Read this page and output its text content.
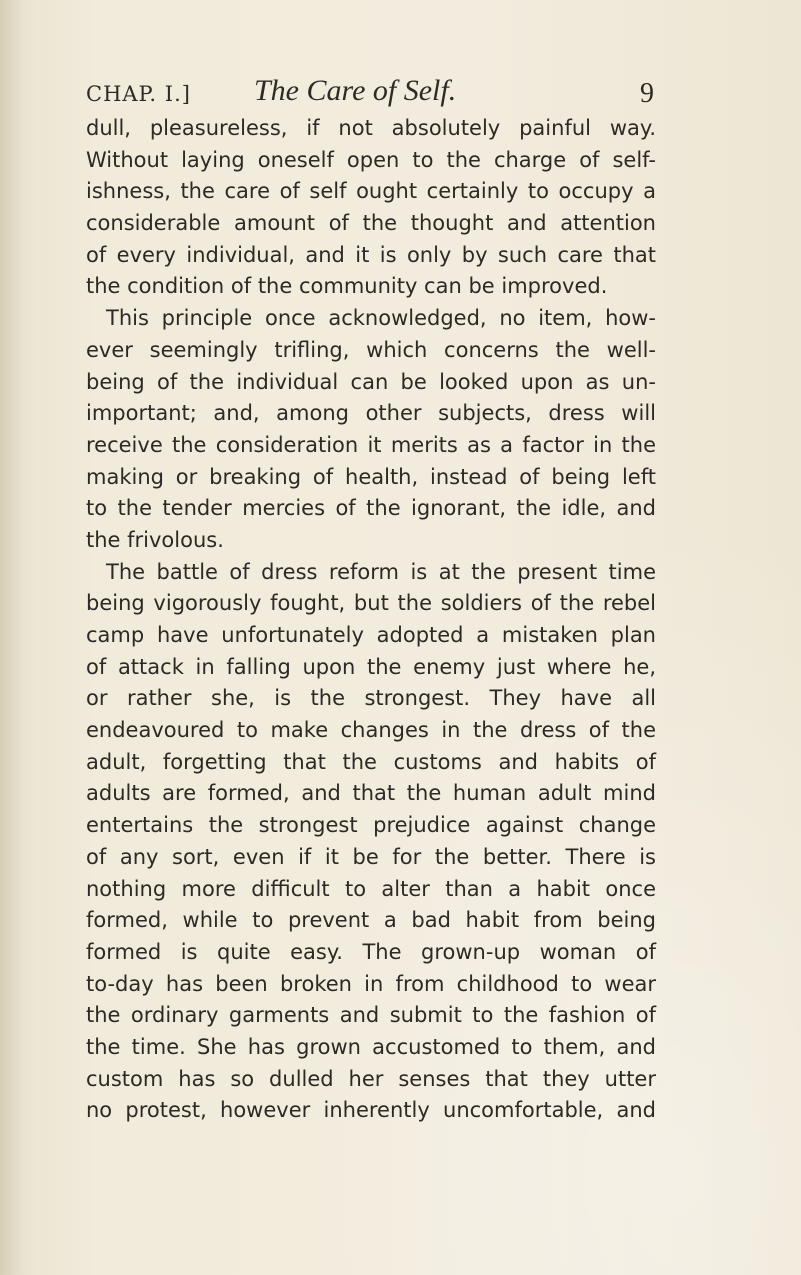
CHAP. I.] The Care of Self.	9
dull, pleasureless, if not absolutely painful way.
Without laying oneself open to the charge of self-
ishness, the care of self ought certainly to occupy a
considerable amount of the thought and attention
of every individual, and it is only by such care that
the condition of the community can be improved.
This principle once acknowledged, no item, how-
ever seemingly trifling, which concerns the well-
being of the individual can be looked upon as un-
important; and, among other subjects, dress will
receive the consideration it merits as a factor in the
making or breaking of health, instead of being left
to the tender mercies of the ignorant, the idle, and
the frivolous.
The battle of dress reform is at the present time
being vigorously fought, but the soldiers of the rebel
camp have unfortunately adopted a mistaken plan
of attack in falling upon the enemy just where he,
or rather she, is the strongest. They have all
endeavoured to make changes in the dress of the
adult, forgetting that the customs and habits of
adults are formed, and that the human adult mind
entertains the strongest prejudice against change
of any sort, even if it be for the better. There is
nothing more difficult to alter than a habit once
formed, while to prevent a bad habit from being
formed is quite easy. The grown-up woman of
to-day has been broken in from childhood to wear
the ordinary garments and submit to the fashion of
the time. She has grown accustomed to them, and
custom has so dulled her senses that they utter
no protest, however inherently uncomfortable, and
